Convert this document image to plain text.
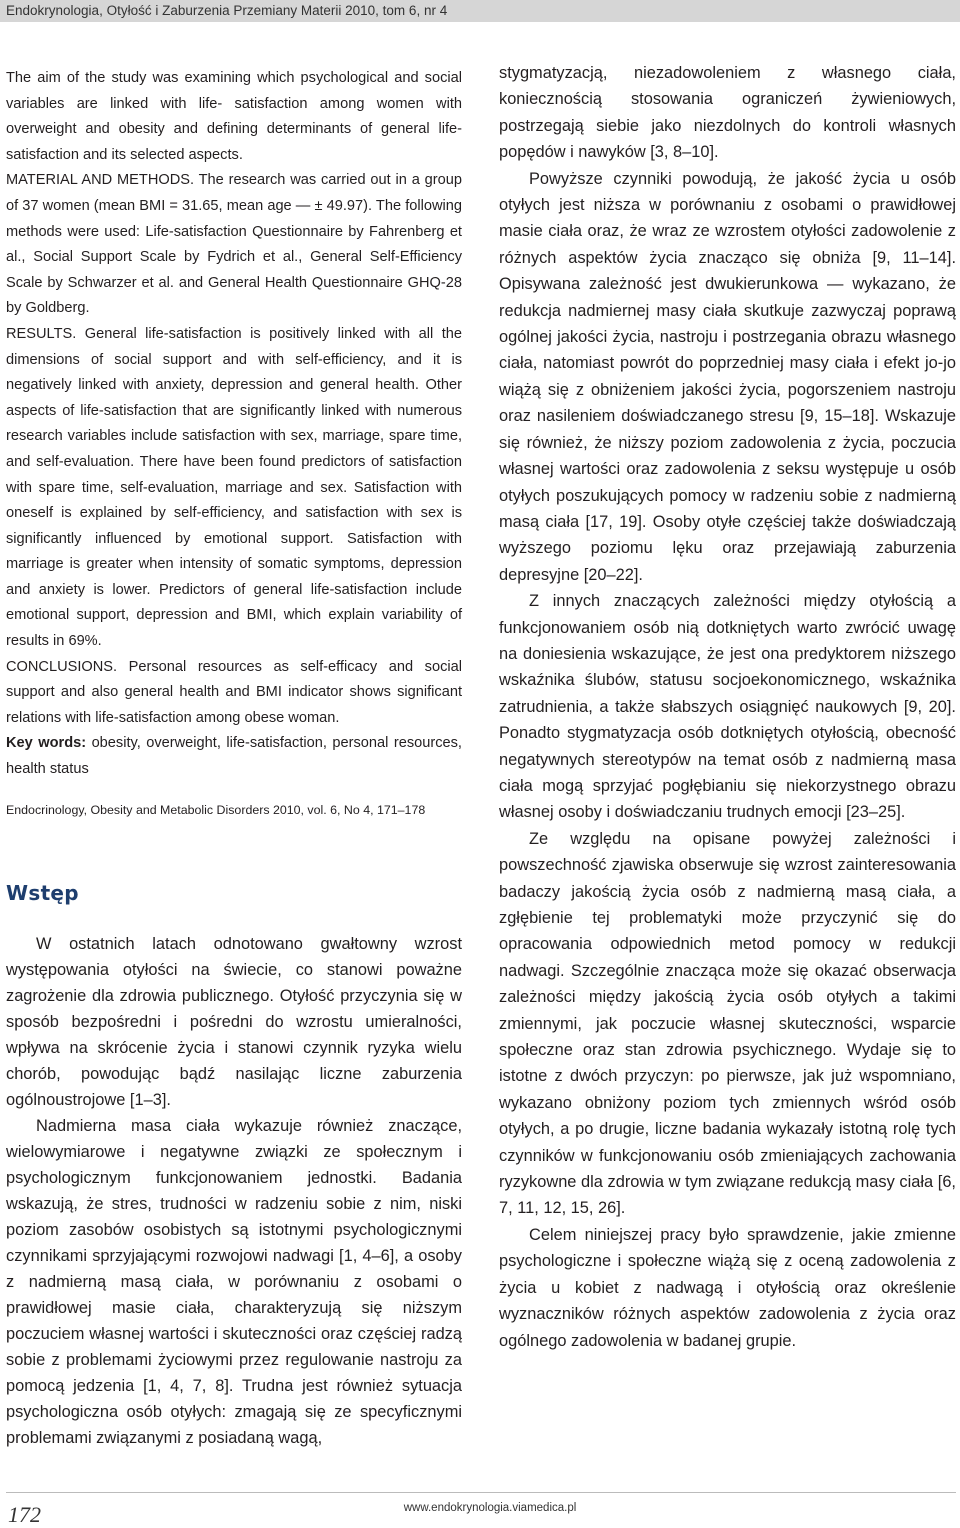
Endokrynologia, Otyłość i Zaburzenia Przemiany Materii 2010, tom 6, nr 4

The aim of the study was examining which psychological and social variables are linked with life- satisfaction among women with overweight and obesity and defining determinants of general life-satisfaction and its selected aspects.

MATERIAL AND METHODS. The research was carried out in a group of 37 women (mean BMI = 31.65, mean age — ± 49.97). The following methods were used: Life-satisfaction Questionnaire by Fahrenberg et al., Social Support Scale by Fydrich et al., General Self-Efficiency Scale by Schwarzer et al. and General Health Questionnaire GHQ-28 by Goldberg.

RESULTS. General life-satisfaction is positively linked with all the dimensions of social support and with self-efficiency, and it is negatively linked with anxiety, depression and general health. Other aspects of life-satisfaction that are significantly linked with numerous research variables include satisfaction with sex, marriage, spare time, and self-evaluation. There have been found predictors of satisfaction with spare time, self-evaluation, marriage and sex. Satisfaction with oneself is explained by self-efficiency, and satisfaction with sex is significantly influenced by emotional support. Satisfaction with marriage is greater when intensity of somatic symptoms, depression and anxiety is lower. Predictors of general life-satisfaction include emotional support, depression and BMI, which explain variability of results in 69%.

CONCLUSIONS. Personal resources as self-efficacy and social support and also general health and BMI indicator shows significant relations with life-satisfaction among obese woman.

Key words: obesity, overweight, life-satisfaction, personal resources, health status

Endocrinology, Obesity and Metabolic Disorders 2010, vol. 6, No 4, 171–178
Wstęp

W ostatnich latach odnotowano gwałtowny wzrost występowania otyłości na świecie, co stanowi poważne zagrożenie dla zdrowia publicznego. Otyłość przyczynia się w sposób bezpośredni i pośredni do wzrostu umieralności, wpływa na skrócenie życia i stanowi czynnik ryzyka wielu chorób, powodując bądź nasilając liczne zaburzenia ogólnoustrojowe [1–3].

Nadmierna masa ciała wykazuje również znaczące, wielowymiarowe i negatywne związki ze społecznym i psychologicznym funkcjonowaniem jednostki. Badania wskazują, że stres, trudności w radzeniu sobie z nim, niski poziom zasobów osobistych są istotnymi psychologicznymi czynnikami sprzyjającymi rozwojowi nadwagi [1, 4–6], a osoby z nadmierną masą ciała, w porównaniu z osobami o prawidłowej masie ciała, charakteryzują się niższym poczuciem własnej wartości i skuteczności oraz częściej radzą sobie z problemami życiowymi przez regulowanie nastroju za pomocą jedzenia [1, 4, 7, 8]. Trudna jest również sytuacja psychologiczna osób otyłych: zmagają się ze specyficznymi problemami związanymi z posiadaną wagą,

stygmatyzacją, niezadowoleniem z własnego ciała, koniecznością stosowania ograniczeń żywieniowych, postrzegają siebie jako niezdolnych do kontroli własnych popędów i nawyków [3, 8–10].

Powyższe czynniki powodują, że jakość życia u osób otyłych jest niższa w porównaniu z osobami o prawidłowej masie ciała oraz, że wraz ze wzrostem otyłości zadowolenie z różnych aspektów życia znacząco się obniża [9, 11–14]. Opisywana zależność jest dwukierunkowa — wykazano, że redukcja nadmiernej masy ciała skutkuje zazwyczaj poprawą ogólnej jakości życia, nastroju i postrzegania obrazu własnego ciała, natomiast powrót do poprzedniej masy ciała i efekt jo-jo wiążą się z obniżeniem jakości życia, pogorszeniem nastroju oraz nasileniem doświadczanego stresu [9, 15–18]. Wskazuje się również, że niższy poziom zadowolenia z życia, poczucia własnej wartości oraz zadowolenia z seksu występuje u osób otyłych poszukujących pomocy w radzeniu sobie z nadmierną masą ciała [17, 19]. Osoby otyłe częściej także doświadczają wyższego poziomu lęku oraz przejawiają zaburzenia depresyjne [20–22].

Z innych znaczących zależności między otyłością a funkcjonowaniem osób nią dotkniętych warto zwrócić uwagę na doniesienia wskazujące, że jest ona predyktorem niższego wskaźnika ślubów, statusu socjoekonomicznego, wskaźnika zatrudnienia, a także słabszych osiągnięć naukowych [9, 20]. Ponadto stygmatyzacja osób dotkniętych otyłością, obecność negatywnych stereotypów na temat osób z nadmierną masa ciała mogą sprzyjać pogłębianiu się niekorzystnego obrazu własnej osoby i doświadczaniu trudnych emocji [23–25].

Ze względu na opisane powyżej zależności i powszechność zjawiska obserwuje się wzrost zainteresowania badaczy jakością życia osób z nadmierną masą ciała, a zgłębienie tej problematyki może przyczynić się do opracowania odpowiednich metod pomocy w redukcji nadwagi. Szczególnie znacząca może się okazać obserwacja zależności między jakością życia osób otyłych a takimi zmiennymi, jak poczucie własnej skuteczności, wsparcie społeczne oraz stan zdrowia psychicznego. Wydaje się to istotne z dwóch przyczyn: po pierwsze, jak już wspomniano, wykazano obniżony poziom tych zmiennych wśród osób otyłych, a po drugie, liczne badania wykazały istotną rolę tych czynników w funkcjonowaniu osób zmieniających zachowania ryzykowne dla zdrowia w tym związane redukcją masy ciała [6, 7, 11, 12, 15, 26].

Celem niniejszej pracy było sprawdzenie, jakie zmienne psychologiczne i społeczne wiążą się z oceną zadowolenia z życia u kobiet z nadwagą i otyłością oraz określenie wyznaczników różnych aspektów zadowolenia z życia oraz ogólnego zadowolenia w badanej grupie.

172	www.endokrynologia.viamedica.pl
